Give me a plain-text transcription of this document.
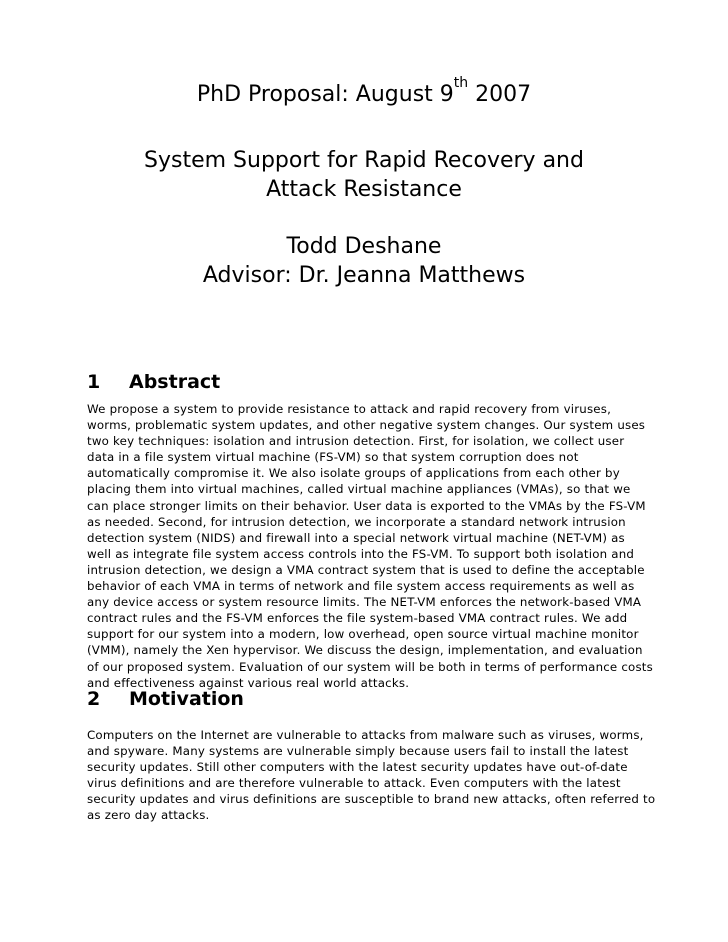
PhD Proposal: August 9th 2007
System Support for Rapid Recovery and
Attack Resistance
Todd Deshane
Advisor: Dr. Jeanna Matthews
1 Abstract
We propose a system to provide resistance to attack and rapid recovery from viruses,
worms, problematic system updates, and other negative system changes. Our system uses
two key techniques: isolation and intrusion detection. First, for isolation, we collect user
data in a file system virtual machine (FS-VM) so that system corruption does not
automatically compromise it. We also isolate groups of applications from each other by
placing them into virtual machines, called virtual machine appliances (VMAs), so that we
can place stronger limits on their behavior. User data is exported to the VMAs by the FS-VM
as needed. Second, for intrusion detection, we incorporate a standard network intrusion
detection system (NIDS) and firewall into a special network virtual machine (NET-VM) as
well as integrate file system access controls into the FS-VM. To support both isolation and
intrusion detection, we design a VMA contract system that is used to define the acceptable
behavior of each VMA in terms of network and file system access requirements as well as
any device access or system resource limits. The NET-VM enforces the network-based VMA
contract rules and the FS-VM enforces the file system-based VMA contract rules. We add
support for our system into a modern, low overhead, open source virtual machine monitor
(VMM), namely the Xen hypervisor. We discuss the design, implementation, and evaluation
of our proposed system. Evaluation of our system will be both in terms of performance costs
and effectiveness against various real world attacks.
2 Motivation
Computers on the Internet are vulnerable to attacks from malware such as viruses, worms,
and spyware. Many systems are vulnerable simply because users fail to install the latest
security updates. Still other computers with the latest security updates have out-of-date
virus definitions and are therefore vulnerable to attack. Even computers with the latest
security updates and virus definitions are susceptible to brand new attacks, often referred to
as zero day attacks.
